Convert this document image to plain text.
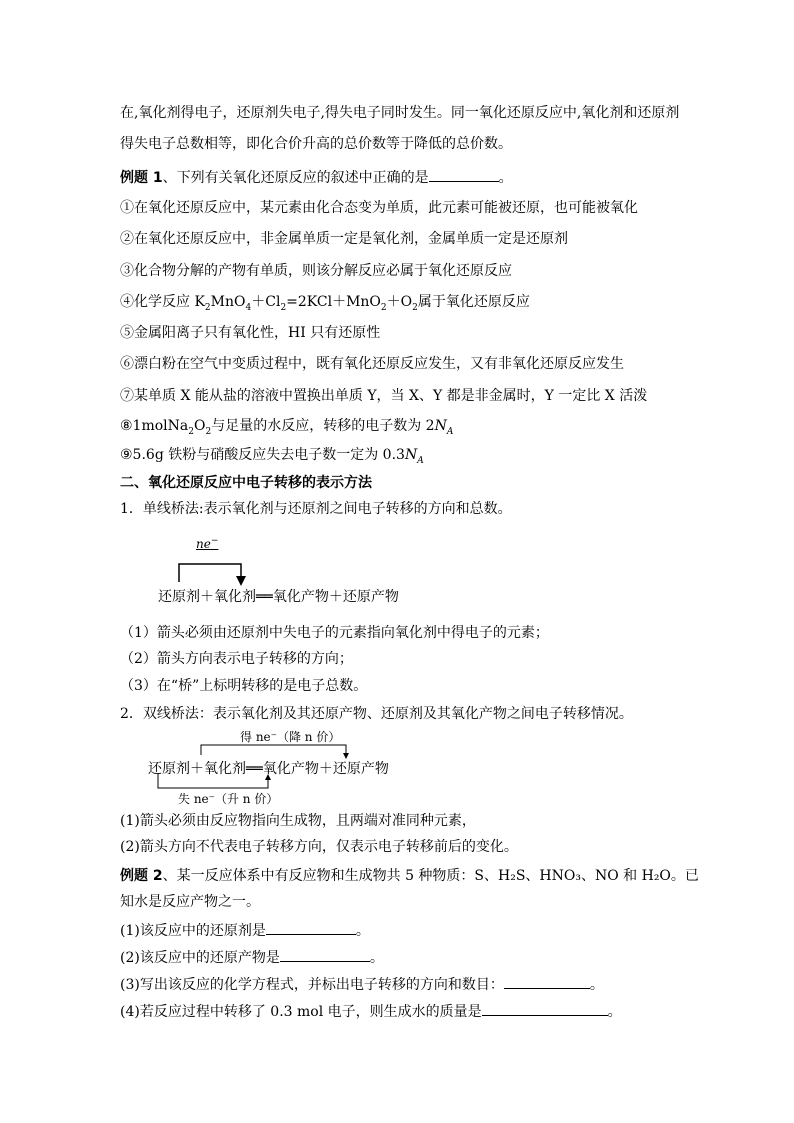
在,氧化剂得电子，还原剂失电子,得失电子同时发生。同一氧化还原反应中,氧化剂和还原剂
得失电子总数相等，即化合价升高的总价数等于降低的总价数。
例题 1、下列有关氧化还原反应的叙述中正确的是	。
①在氧化还原反应中，某元素由化合态变为单质，此元素可能被还原，也可能被氧化
②在氧化还原反应中，非金属单质一定是氧化剂，金属单质一定是还原剂
③化合物分解的产物有单质，则该分解反应必属于氧化还原反应
④化学反应 $K_2MnO_4+Cl_2=2KCl+MnO_2+O_2$属于氧化还原反应
⑤金属阳离子只有氧化性，HI 只有还原性
⑥漂白粉在空气中变质过程中，既有氧化还原反应发生，又有非氧化还原反应发生
⑦某单质 X 能从盐的溶液中置换出单质 Y，当 X、Y 都是非金属时，Y 一定比 X 活泼
$⑧1molNa_2O_2$与足量的水反应，转移的电子数为 $2N_A$
⑨5.6g 铁粉与硝酸反应失去电子数一定为 $0.3N_A$
二、氧化还原反应中电子转移的表示方法
1．单线桥法:表示氧化剂与还原剂之间电子转移的方向和总数。
ne−
还原剂＋氧化剂══氧化产物＋还原产物
（1）箭头必须由还原剂中失电子的元素指向氧化剂中得电子的元素；
（2）箭头方向表示电子转移的方向；
（3）在“桥”上标明转移的是电子总数。
2．双线桥法：表示氧化剂及其还原产物、还原剂及其氧化产物之间电子转移情况。
得 ne⁻（降 n 价）
还原剂＋氧化剂══氧化产物＋还原产物
失 ne⁻（升 n 价）
(1)箭头必须由反应物指向生成物，且两端对准同种元素，
(2)箭头方向不代表电子转移方向，仅表示电子转移前后的变化。
例题 2、某一反应体系中有反应物和生成物共 5 种物质：S、H₂S、HNO₃、NO 和 H₂O。已
知水是反应产物之一。
(1)该反应中的还原剂是	。
(2)该反应中的还原产物是	。
(3)写出该反应的化学方程式，并标出电子转移的方向和数目：	。
(4)若反应过程中转移了 0.3 mol 电子，则生成水的质量是	。
